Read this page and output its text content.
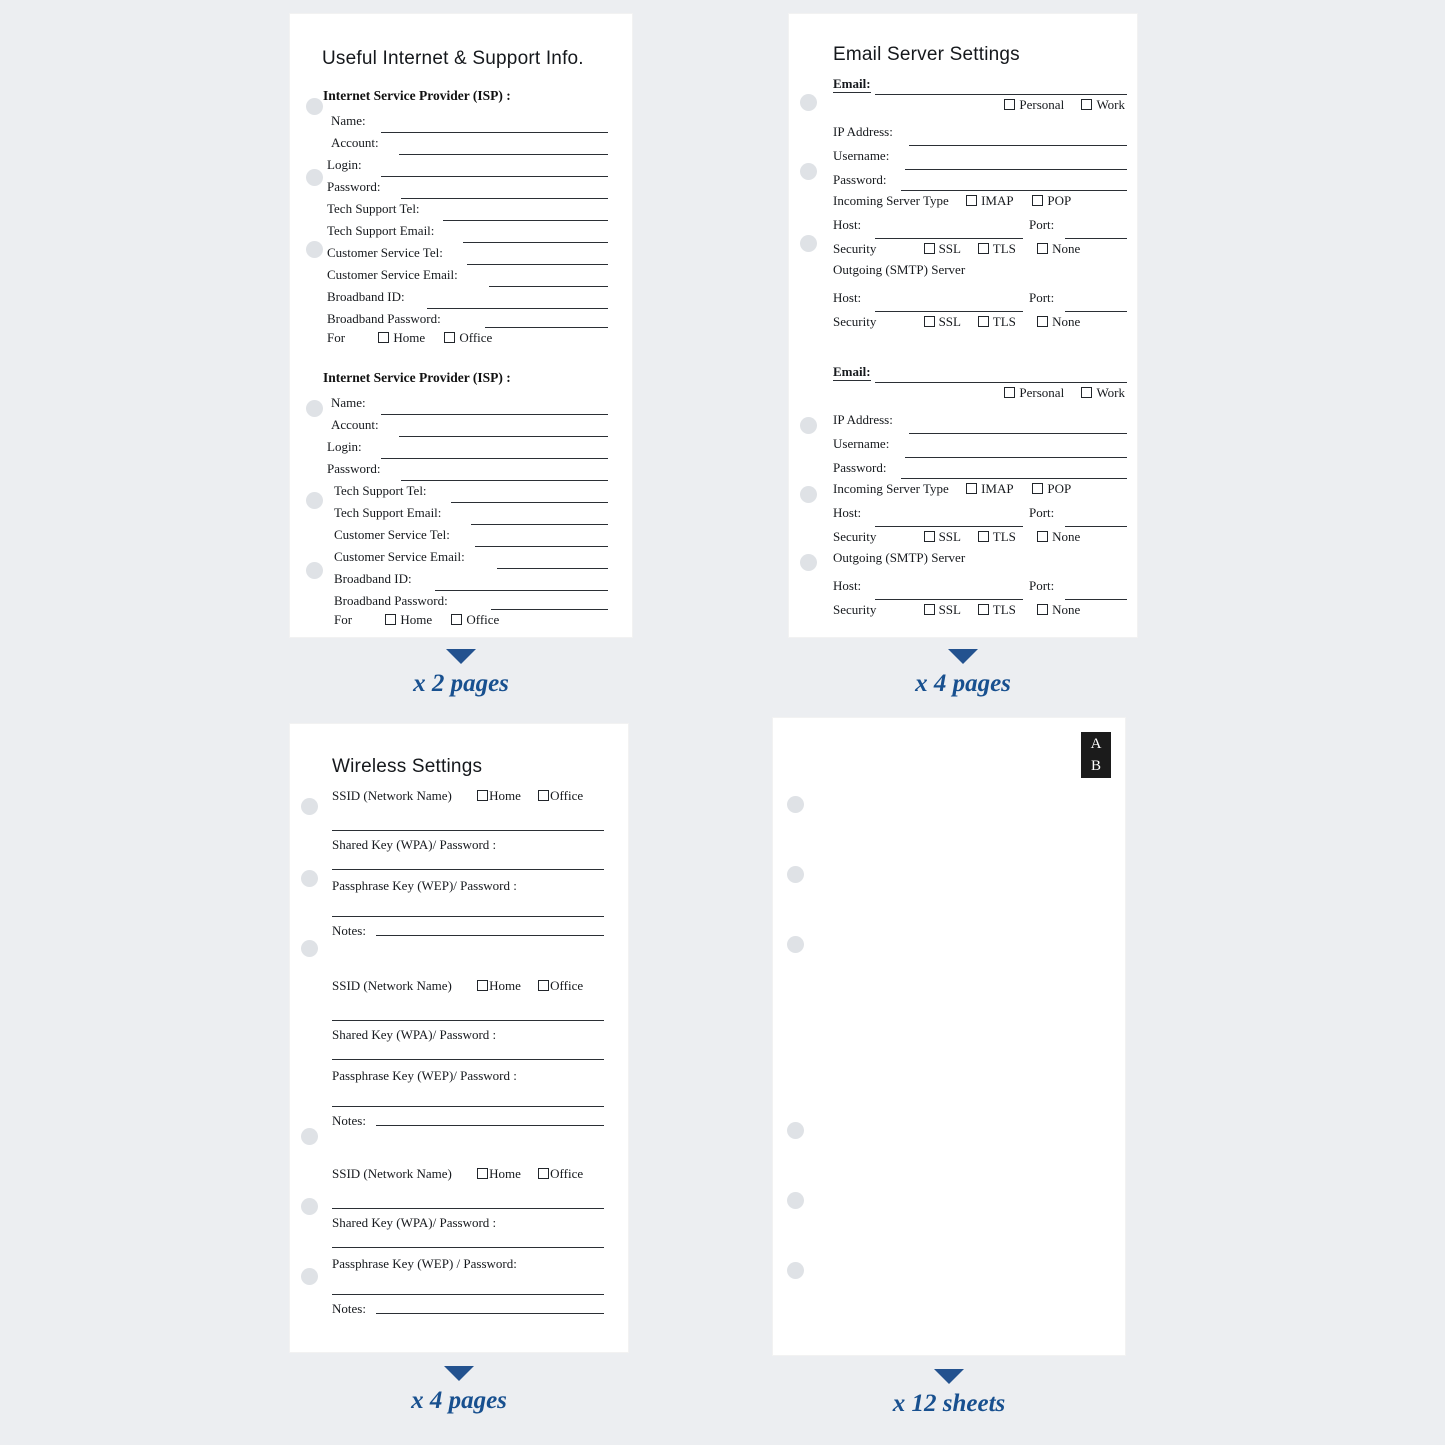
Useful Internet & Support Info.
Internet Service Provider (ISP) :
Name:
Account:
Login:
Password:
Tech Support Tel:
Tech Support Email:
Customer Service Tel:
Customer Service Email:
Broadband ID:
Broadband Password:
For	Home	Office
Internet Service Provider (ISP) :
Name:
Account:
Login:
Password:
Tech Support Tel:
Tech Support Email:
Customer Service Tel:
Customer Service Email:
Broadband ID:
Broadband Password:
For	Home	Office
x 2 pages
Email Server Settings
Email:
Personal Work
IP Address:
Username:
Password:
Incoming Server Type IMAP	POP
Host:	Port:
Security	SSL TLS	None
Outgoing (SMTP) Server
Host:	Port:
Security	SSL TLS	None
Email:
Personal Work
IP Address:
Username:
Password:
Incoming Server Type IMAP	POP
Host:	Port:
Security	SSL TLS	None
Outgoing (SMTP) Server
Host:	Port:
Security	SSL TLS	None
x 4 pages
Wireless Settings
SSID (Network Name)	Home Office
Shared Key (WPA)/ Password :
Passphrase Key (WEP)/ Password :
Notes:
SSID (Network Name)	Home Office
Shared Key (WPA)/ Password :
Passphrase Key (WEP)/ Password :
Notes:
SSID (Network Name)	Home Office
Shared Key (WPA)/ Password :
Passphrase Key (WEP) / Password:
Notes:
x 4 pages
A
B
x 12 sheets
